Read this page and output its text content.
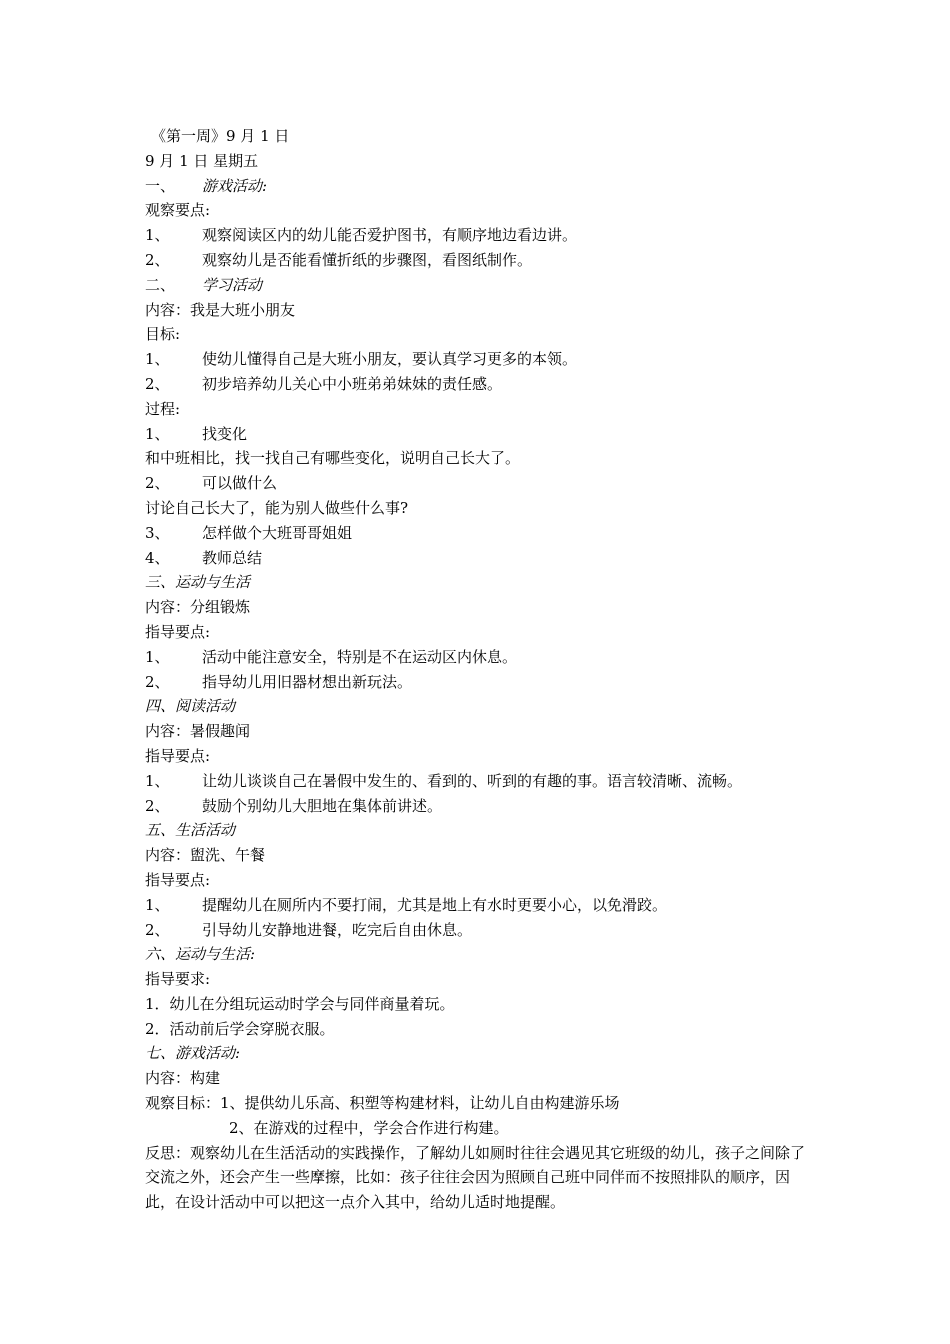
《第一周》9 月 1 日
9 月 1 日 星期五
一、 游戏活动:
观察要点:
1、 观察阅读区内的幼儿能否爱护图书，有顺序地边看边讲。
2、 观察幼儿是否能看懂折纸的步骤图，看图纸制作。
二、 学习活动
内容：我是大班小朋友
目标:
1、 使幼儿懂得自己是大班小朋友，要认真学习更多的本领。
2、 初步培养幼儿关心中小班弟弟妹妹的责任感。
过程:
1、 找变化
和中班相比，找一找自己有哪些变化，说明自己长大了。
2、 可以做什么
讨论自己长大了，能为别人做些什么事?
3、 怎样做个大班哥哥姐姐
4、 教师总结
三、运动与生活
内容：分组锻炼
指导要点:
1、 活动中能注意安全，特别是不在运动区内休息。
2、 指导幼儿用旧器材想出新玩法。
四、阅读活动
内容：暑假趣闻
指导要点:
1、 让幼儿谈谈自己在暑假中发生的、看到的、听到的有趣的事。语言较清晰、流畅。
2、 鼓励个别幼儿大胆地在集体前讲述。
五、生活活动
内容：盥洗、午餐
指导要点:
1、 提醒幼儿在厕所内不要打闹，尤其是地上有水时更要小心，以免滑跤。
2、 引导幼儿安静地进餐，吃完后自由休息。
六、运动与生活:
指导要求:
1．幼儿在分组玩运动时学会与同伴商量着玩。
2．活动前后学会穿脱衣服。
七、游戏活动:
内容：构建
观察目标：1、提供幼儿乐高、积塑等构建材料，让幼儿自由构建游乐场
2、在游戏的过程中，学会合作进行构建。
反思：观察幼儿在生活活动的实践操作，了解幼儿如厕时往往会遇见其它班级的幼儿，孩子之间除了交流之外，还会产生一些摩擦，比如：孩子往往会因为照顾自己班中同伴而不按照排队的顺序，因此，在设计活动中可以把这一点介入其中，给幼儿适时地提醒。
